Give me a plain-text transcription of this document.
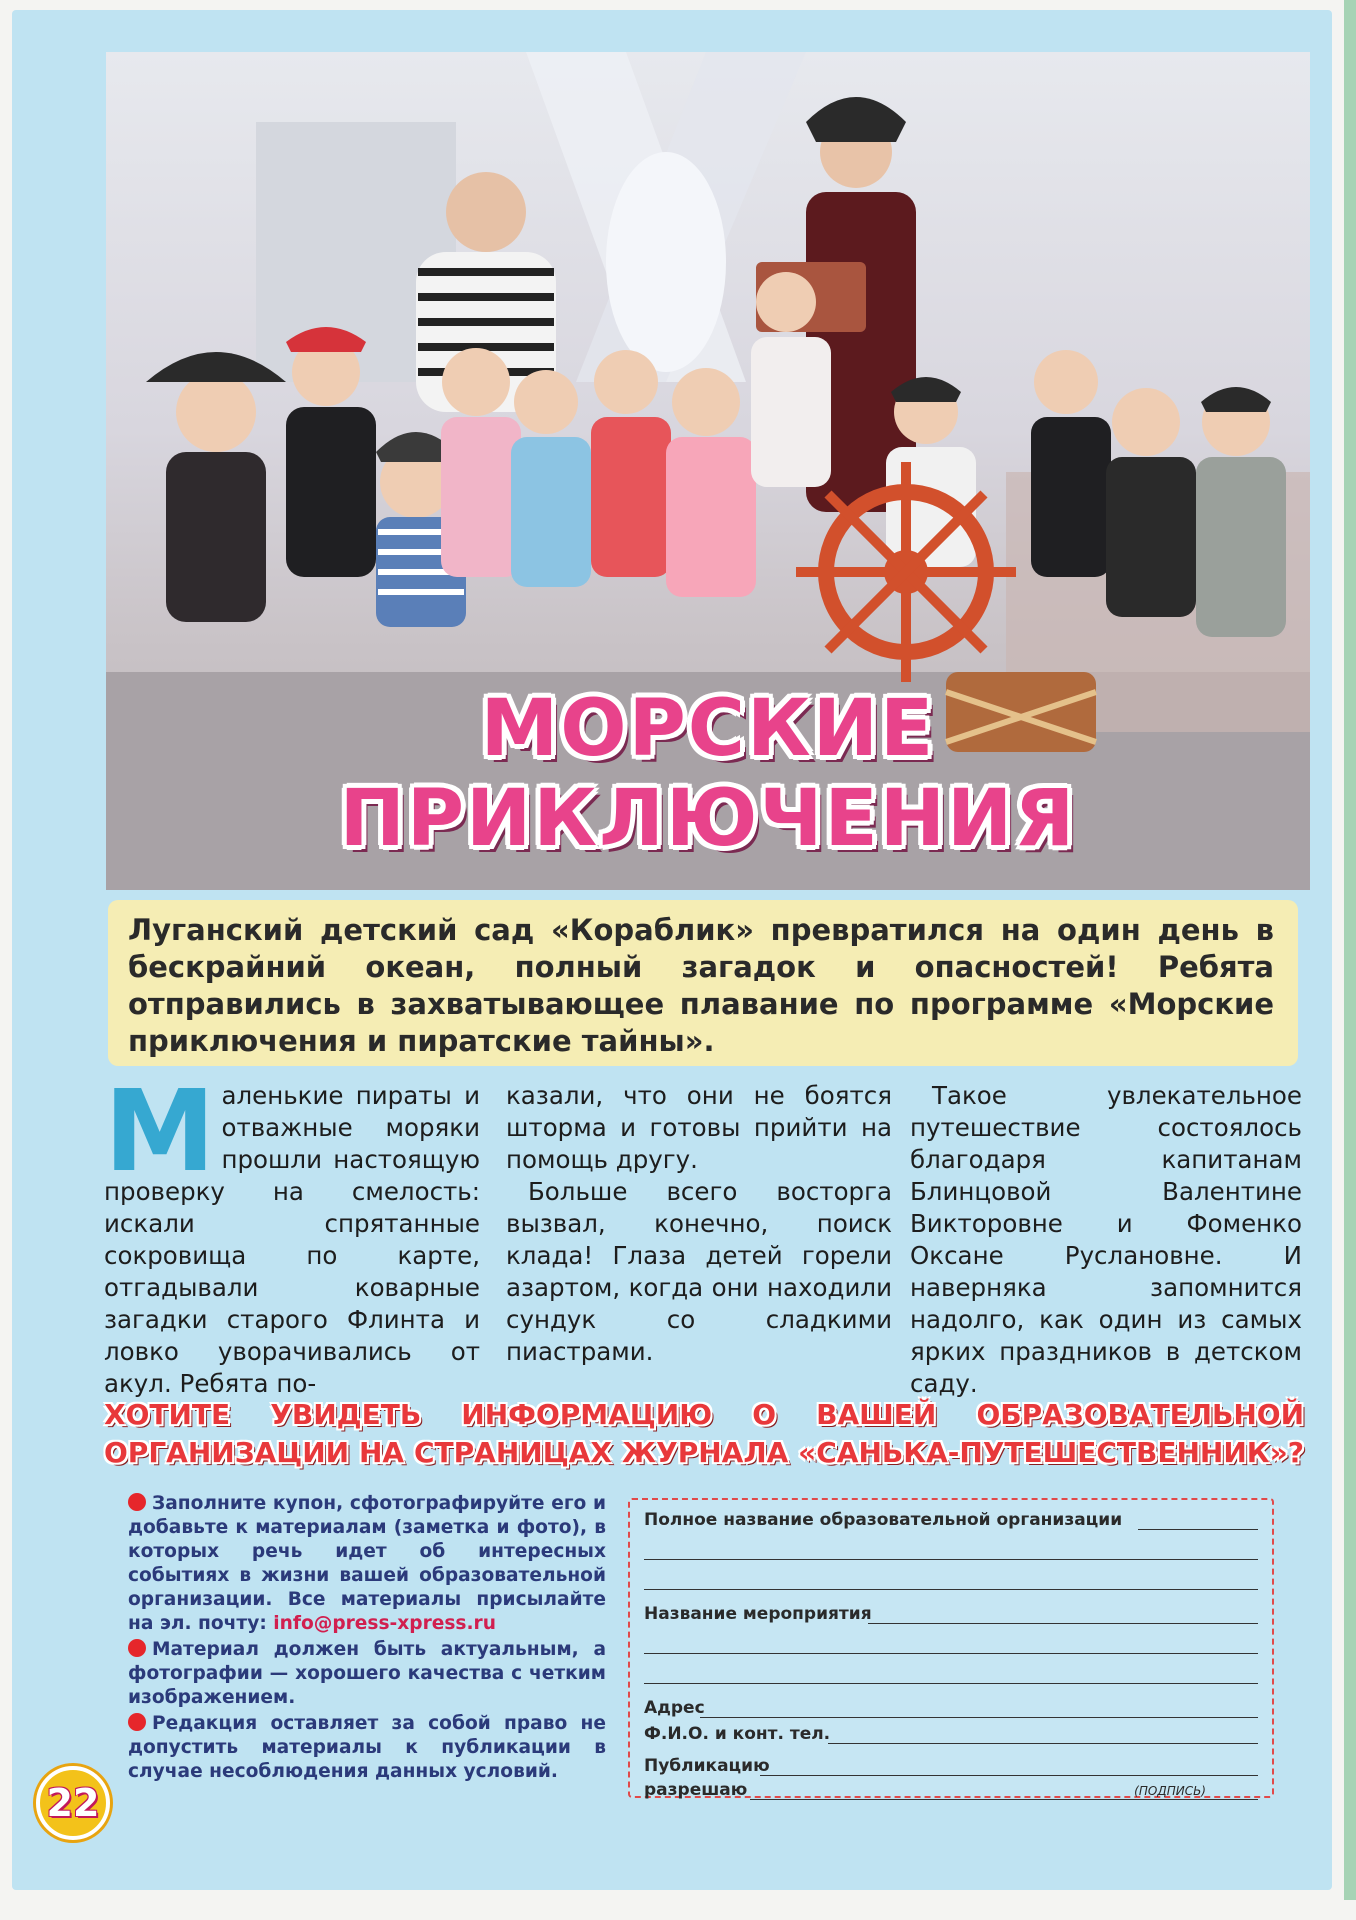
МОРСКИЕ ПРИКЛЮЧЕНИЯ

Луганский детский сад «Кораблик» превратился на один день в бескрайний океан, полный загадок и опасностей! Ребята отправились в захватывающее плавание по программе «Морские приключения и пиратские тайны».

Маленькие пираты и отважные моряки прошли настоящую проверку на смелость: искали спрятанные сокровища по карте, отгадывали коварные загадки старого Флинта и ловко уворачивались от акул. Ребята по-

казали, что они не боятся шторма и готовы прийти на помощь другу.

Больше всего восторга вызвал, конечно, поиск клада! Глаза детей горели азартом, когда они находили сундук со сладкими пиастрами.

Такое увлекательное путешествие состоялось благодаря капитанам Блинцовой Валентине Викторовне и Фоменко Оксане Руслановне. И наверняка запомнится надолго, как один из самых ярких праздников в детском саду.

ХОТИТЕ УВИДЕТЬ ИНФОРМАЦИЮ О ВАШЕЙ ОБРАЗОВАТЕЛЬНОЙ
ОРГАНИЗАЦИИ НА СТРАНИЦАХ ЖУРНАЛА «САНЬКА-ПУТЕШЕСТВЕННИК»?

Заполните купон, сфотографируйте его и добавьте к материалам (заметка и фото), в которых речь идет об интересных событиях в жизни вашей образовательной организации. Все материалы присылайте на эл. почту: info@press-xpress.ru

Материал должен быть актуальным, а фотографии — хорошего качества с четким изображением.

Редакция оставляет за собой право не допустить материалы к публикации в случае несоблюдения данных условий.

Полное название образовательной организации
Название мероприятия
Адрес
Ф.И.О. и конт. тел.
Публикацию
разрешаю	(ПОДПИСЬ)
22
